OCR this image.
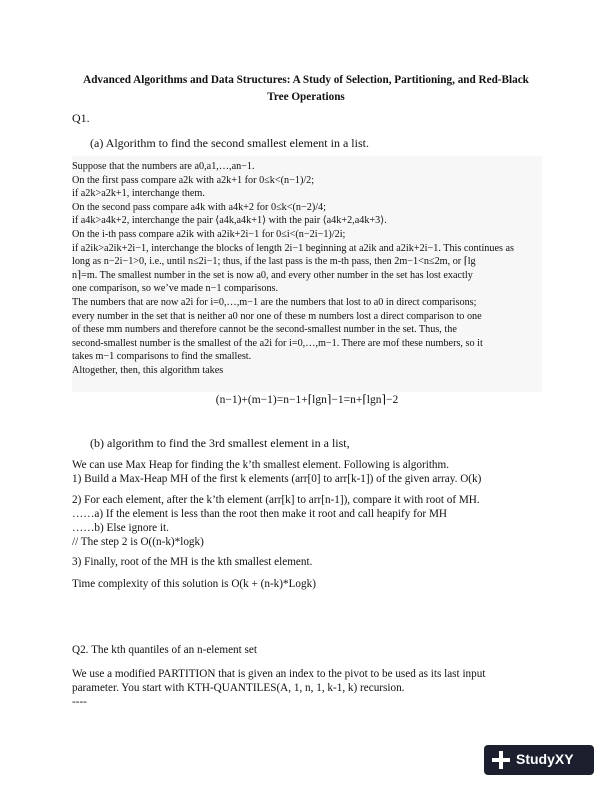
Advanced Algorithms and Data Structures: A Study of Selection, Partitioning, and Red-Black Tree Operations
Q1.
(a) Algorithm to find the second smallest element in a list.

Suppose that the numbers are a0,a1,…,an−1.

On the first pass compare a2k with a2k+1 for 0≤k<(n−1)/2;

if a2k>a2k+1, interchange them.

On the second pass compare a4k with a4k+2 for 0≤k<(n−2)/4;

if a4k>a4k+2, interchange the pair ⟨a4k,a4k+1⟩ with the pair ⟨a4k+2,a4k+3⟩.

On the i-th pass compare a2ik with a2ik+2i−1 for 0≤i<(n−2i−1)/2i;

if a2ik>a2ik+2i−1, interchange the blocks of length 2i−1 beginning at a2ik and a2ik+2i−1. This continues as

long as n−2i−1>0, i.e., until n≤2i−1; thus, if the last pass is the m-th pass, then 2m−1<n≤2m, or ⌈lg

n⌉=m. The smallest number in the set is now a0, and every other number in the set has lost exactly

one comparison, so we’ve made n−1 comparisons.

The numbers that are now a2i for i=0,…,m−1 are the numbers that lost to a0 in direct comparisons;

every number in the set that is neither a0 nor one of these m numbers lost a direct comparison to one

of these mm numbers and therefore cannot be the second-smallest number in the set. Thus, the

second-smallest number is the smallest of the a2i for i=0,…,m−1. There are mof these numbers, so it

takes m−1 comparisons to find the smallest.

Altogether, then, this algorithm takes

(n−1)+(m−1)=n−1+⌈lgn⌉−1=n+⌈lgn⌉−2
(b) algorithm to find the 3rd smallest element in a list,

We can use Max Heap for finding the k’th smallest element. Following is algorithm.

1) Build a Max-Heap MH of the first k elements (arr[0] to arr[k-1]) of the given array. O(k)

2) For each element, after the k’th element (arr[k] to arr[n-1]), compare it with root of MH.

……a) If the element is less than the root then make it root and call heapify for MH

……b) Else ignore it.

// The step 2 is O((n-k)*logk)

3) Finally, root of the MH is the kth smallest element.

Time complexity of this solution is O(k + (n-k)*Logk)

Q2. The kth quantiles of an n-element set

We use a modified PARTITION that is given an index to the pivot to be used as its last input

parameter. You start with KTH-QUANTILES(A, 1, n, 1, k-1, k) recursion.

----

StudyXY
